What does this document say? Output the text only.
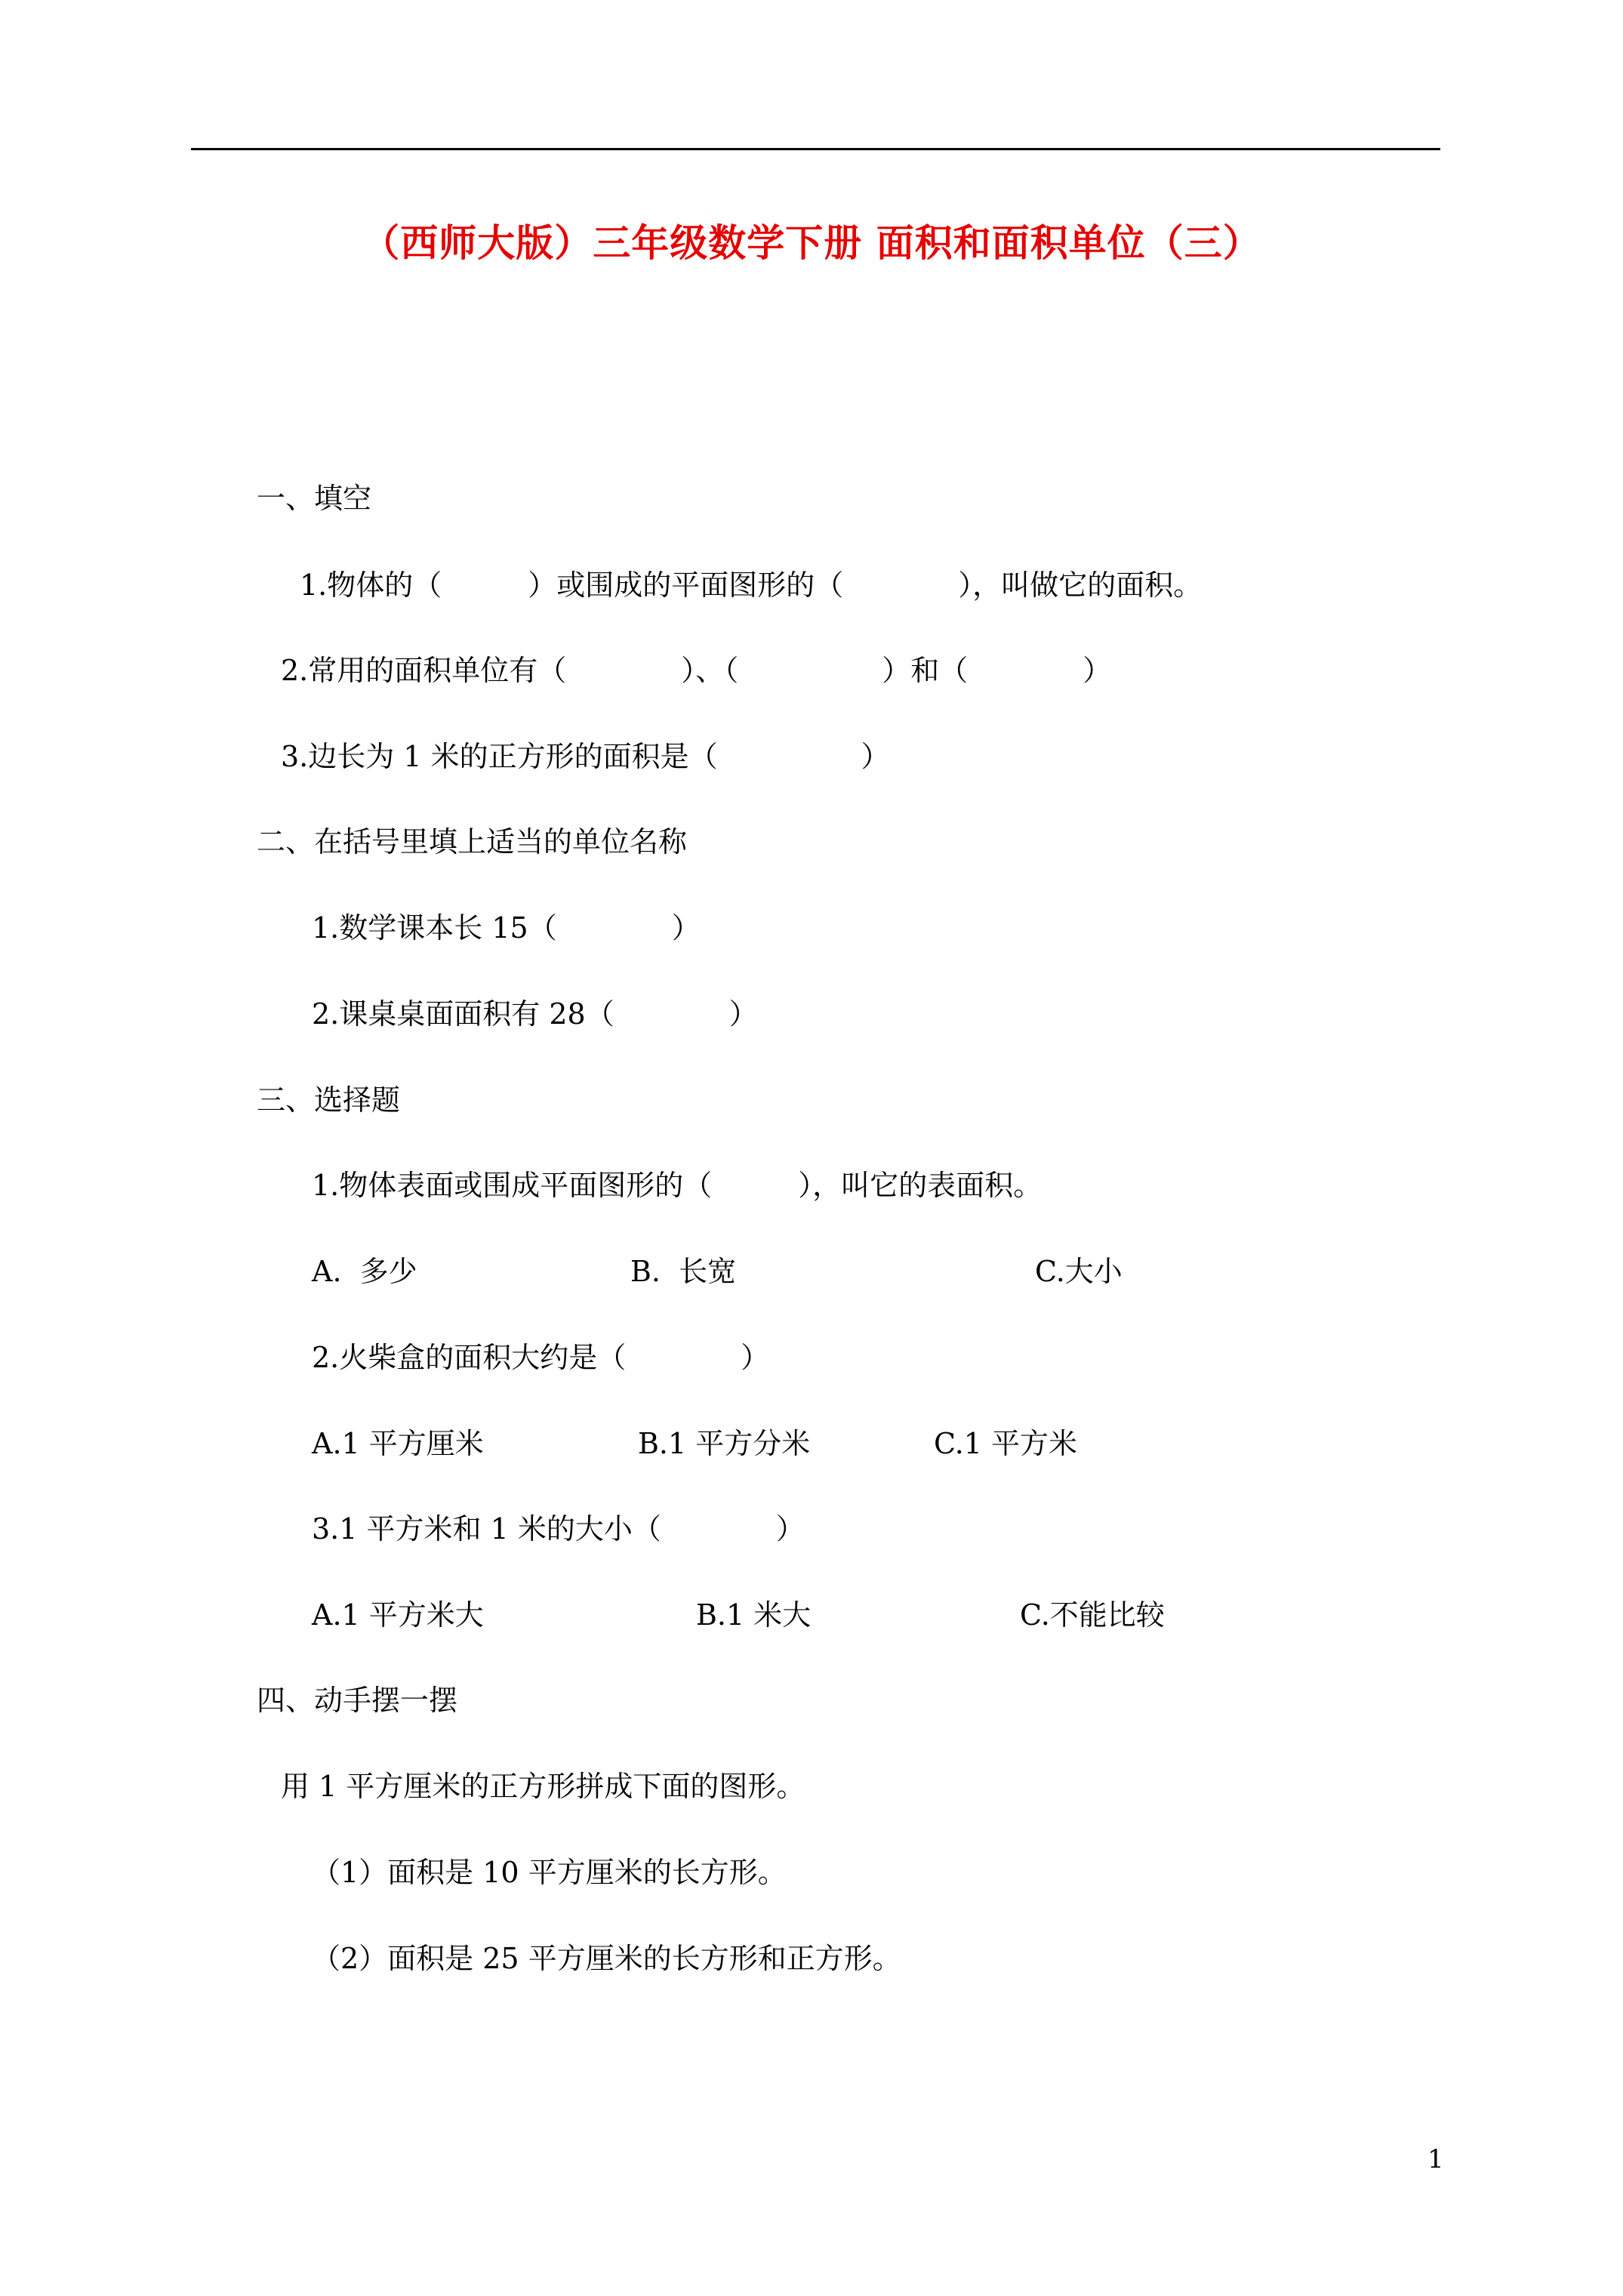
（西师大版）三年级数学下册 面积和面积单位（三）
一、填空
1.物体的（　　　）或围成的平面图形的（　　　　），叫做它的面积。
2.常用的面积单位有（　　　　）、（　　　　　）和（　　　　）
3.边长为 1 米的正方形的面积是（　　　　　）
二、在括号里填上适当的单位名称
1.数学课本长 15（　　　　）
2.课桌桌面面积有 28（　　　　）
三、选择题
1.物体表面或围成平面图形的（　　　），叫它的表面积。
A.  多少	B.  长宽	C.大小
2.火柴盒的面积大约是（　　　　）
A.1 平方厘米	B.1 平方分米	C.1 平方米
3.1 平方米和 1 米的大小（　　　　）
A.1 平方米大	B.1 米大	C.不能比较
四、动手摆一摆
用 1 平方厘米的正方形拼成下面的图形。
（1）面积是 10 平方厘米的长方形。
（2）面积是 25 平方厘米的长方形和正方形。
1
